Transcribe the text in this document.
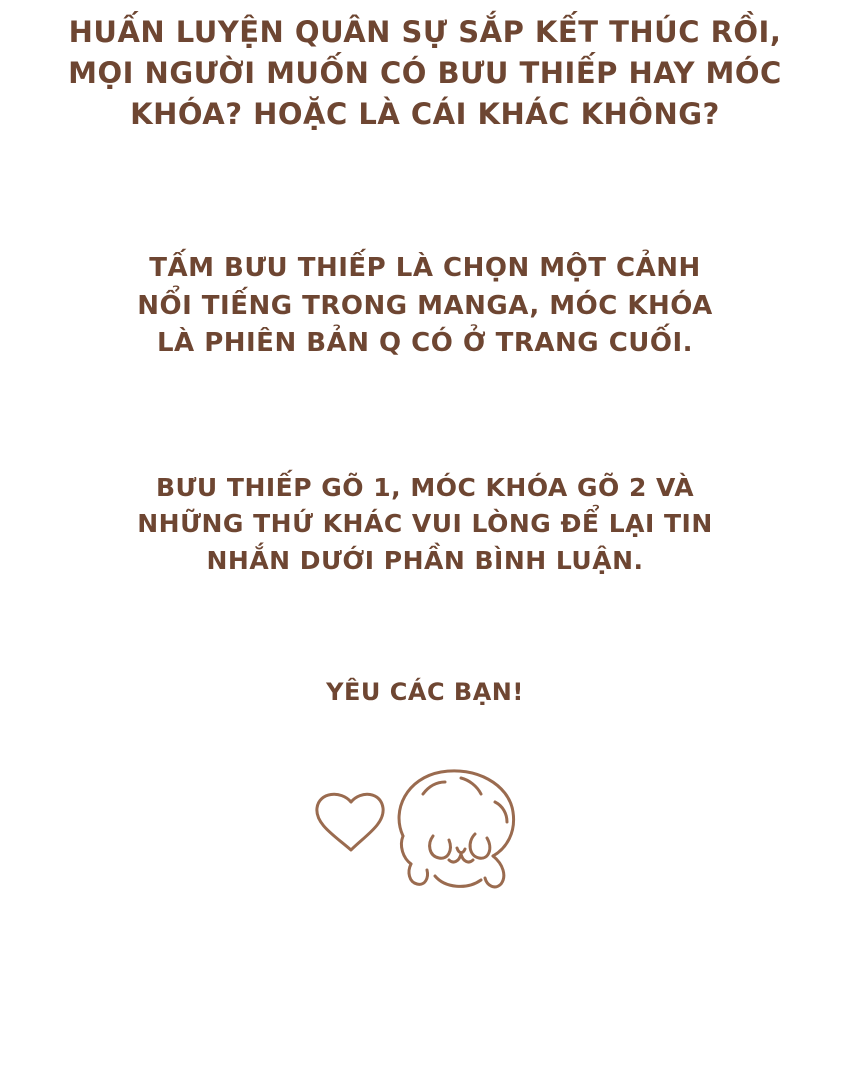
HUẤN LUYỆN QUÂN SỰ SẮP KẾT THÚC RỒI,
MỌI NGƯỜI MUỐN CÓ BƯU THIẾP HAY MÓC
KHÓA? HOẶC LÀ CÁI KHÁC KHÔNG?
TẤM BƯU THIẾP LÀ CHỌN MỘT CẢNH
NỔI TIẾNG TRONG MANGA, MÓC KHÓA
LÀ PHIÊN BẢN Q CÓ Ở TRANG CUỐI.
BƯU THIẾP GÕ 1, MÓC KHÓA GÕ 2 VÀ
NHỮNG THỨ KHÁC VUI LÒNG ĐỂ LẠI TIN
NHẮN DƯỚI PHẦN BÌNH LUẬN.
YÊU CÁC BẠN!
